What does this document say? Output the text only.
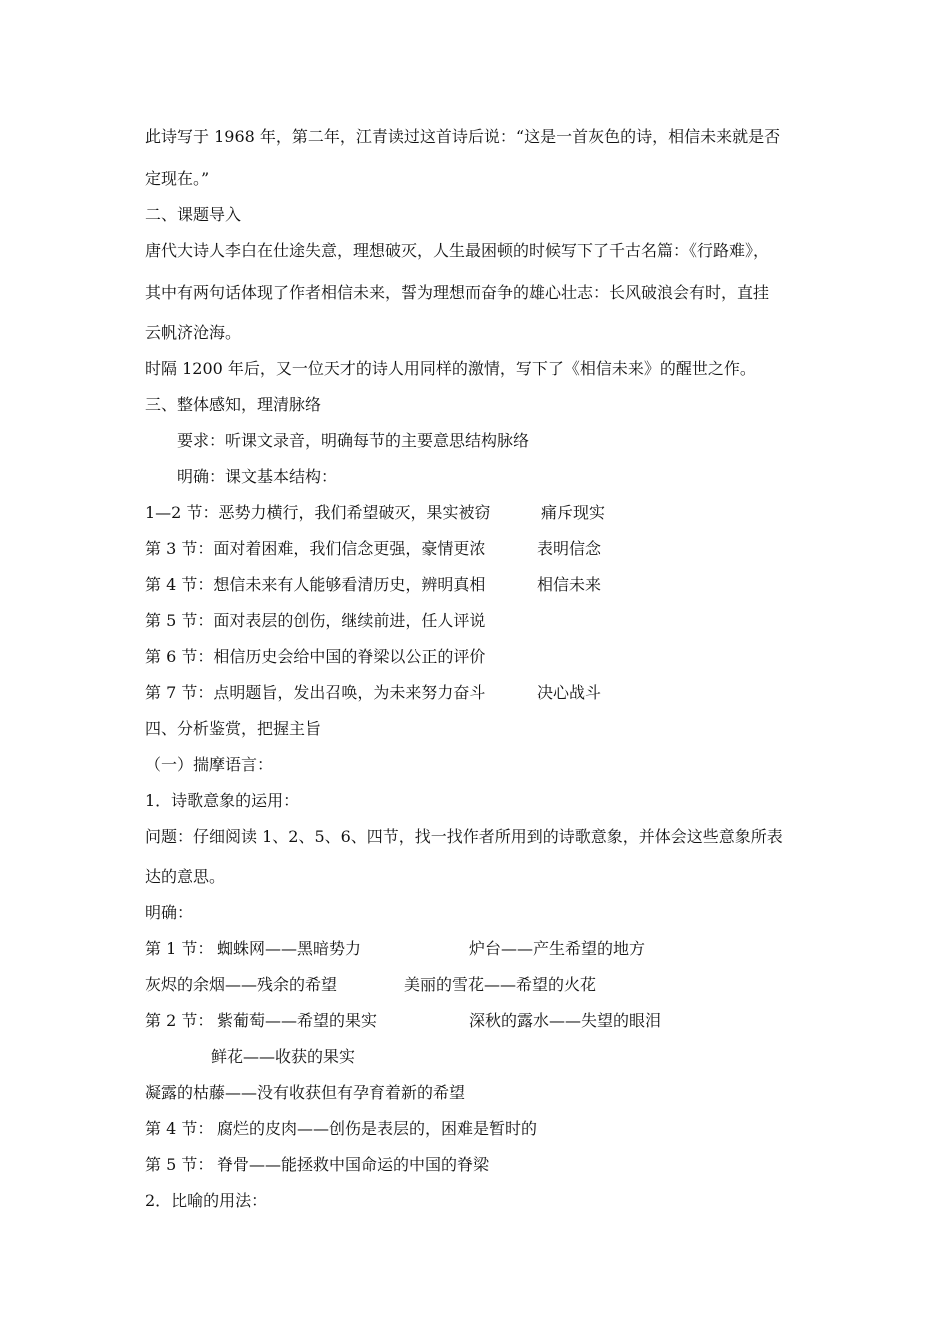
此诗写于 1968 年，第二年，江青读过这首诗后说：“这是一首灰色的诗，相信未来就是否
定现在。”
二、课题导入
唐代大诗人李白在仕途失意，理想破灭，人生最困顿的时候写下了千古名篇：《行路难》，
其中有两句话体现了作者相信未来，誓为理想而奋争的雄心壮志：长风破浪会有时，直挂
云帆济沧海。
时隔 1200 年后，又一位天才的诗人用同样的激情，写下了《相信未来》的醒世之作。
三、整体感知，理清脉络
要求：听课文录音，明确每节的主要意思结构脉络
明确：课文基本结构：
1—2 节：恶势力横行，我们希望破灭，果实被窃	痛斥现实
第 3 节：面对着困难，我们信念更强，豪情更浓	表明信念
第 4 节：想信未来有人能够看清历史，辨明真相	相信未来
第 5 节：面对表层的创伤，继续前进，任人评说
第 6 节：相信历史会给中国的脊梁以公正的评价
第 7 节：点明题旨，发出召唤，为未来努力奋斗	决心战斗
四、分析鉴赏，把握主旨
（一）揣摩语言：
1．诗歌意象的运用：
问题：仔细阅读 1、2、5、6、四节，找一找作者所用到的诗歌意象，并体会这些意象所表
达的意思。
明确：
第 1 节： 蜘蛛网——黑暗势力	炉台——产生希望的地方
灰烬的余烟——残余的希望	美丽的雪花——希望的火花
第 2 节： 紫葡萄——希望的果实	深秋的露水——失望的眼泪
鲜花——收获的果实
凝露的枯藤——没有收获但有孕育着新的希望
第 4 节： 腐烂的皮肉——创伤是表层的，困难是暂时的
第 5 节： 脊骨——能拯救中国命运的中国的脊梁
2．比喻的用法：
